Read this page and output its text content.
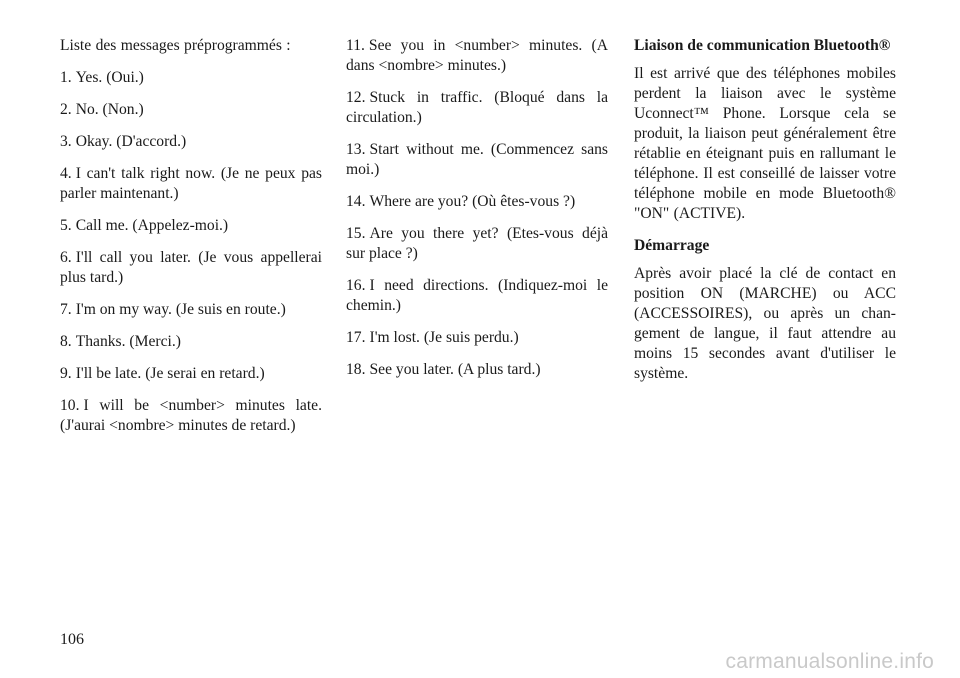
Liste des messages préprogrammés :

1. Yes. (Oui.)

2. No. (Non.)

3. Okay. (D'accord.)

4. I can't talk right now. (Je ne peux pas parler maintenant.)

5. Call me. (Appelez-moi.)

6. I'll call you later. (Je vous appellerai plus tard.)

7. I'm on my way. (Je suis en route.)

8. Thanks. (Merci.)

9. I'll be late. (Je serai en retard.)

10. I will be <number> minutes late. (J'aurai <nombre> minutes de retard.)

11. See you in <number> minutes. (A dans <nombre> minutes.)

12. Stuck in traffic. (Bloqué dans la circulation.)

13. Start without me. (Commencez sans moi.)

14. Where are you? (Où êtes-vous ?)

15. Are you there yet? (Etes-vous déjà sur place ?)

16. I need directions. (Indiquez-moi le chemin.)

17. I'm lost. (Je suis perdu.)

18. See you later. (A plus tard.)

Liaison de communication Bluetooth®

Il est arrivé que des téléphones mobiles perdent la liaison avec le système Uconnect™ Phone. Lorsque cela se produit, la liaison peut généralement être rétablie en éteignant puis en rallumant le téléphone. Il est conseillé de laisser votre téléphone mobile en mode Bluetooth® "ON" (ACTIVE).

Démarrage

Après avoir placé la clé de contact en position ON (MARCHE) ou ACC (ACCESSOIRES), ou après un changement de langue, il faut attendre au moins 15 secondes avant d'utiliser le système.

106
carmanualsonline.info
